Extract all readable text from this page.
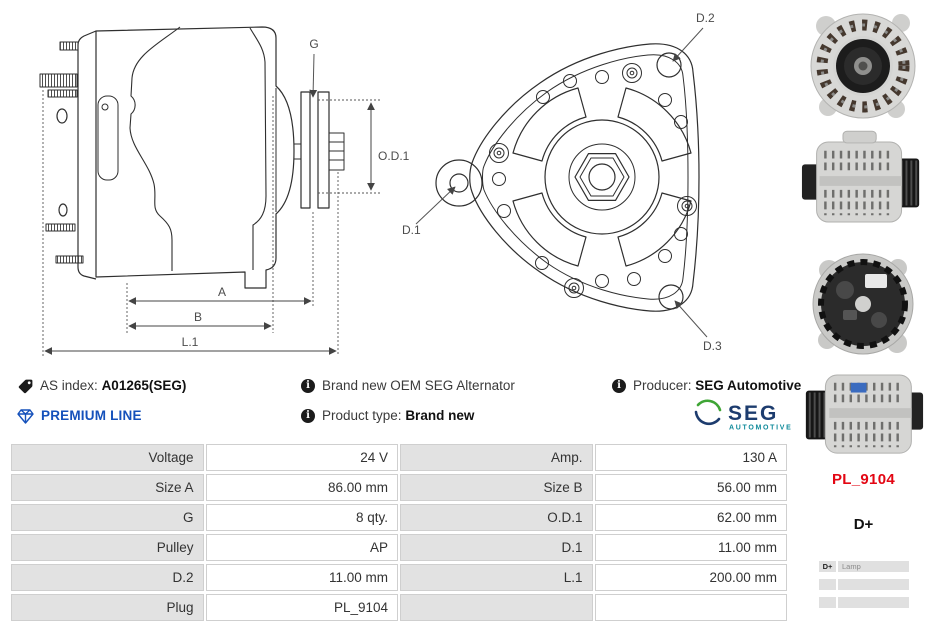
G
O.D.1
A
B
L.1
D.2
D.1
D.3
AS index:
A01265(SEG)
PREMIUM LINE
i Brand new OEM SEG Alternator
i Product type:
Brand new
i Producer:
SEG Automotive
SEG
AUTOMOTIVE
Voltage	24 V	Amp.	130 A
Size A	86.00 mm	Size B	56.00 mm
G	8 qty.	O.D.1	62.00 mm
Pulley	AP	D.1	11.00 mm
D.2	11.00 mm	L.1	200.00 mm
Plug	PL_9104		
PL_9104
D+
D+	Lamp
